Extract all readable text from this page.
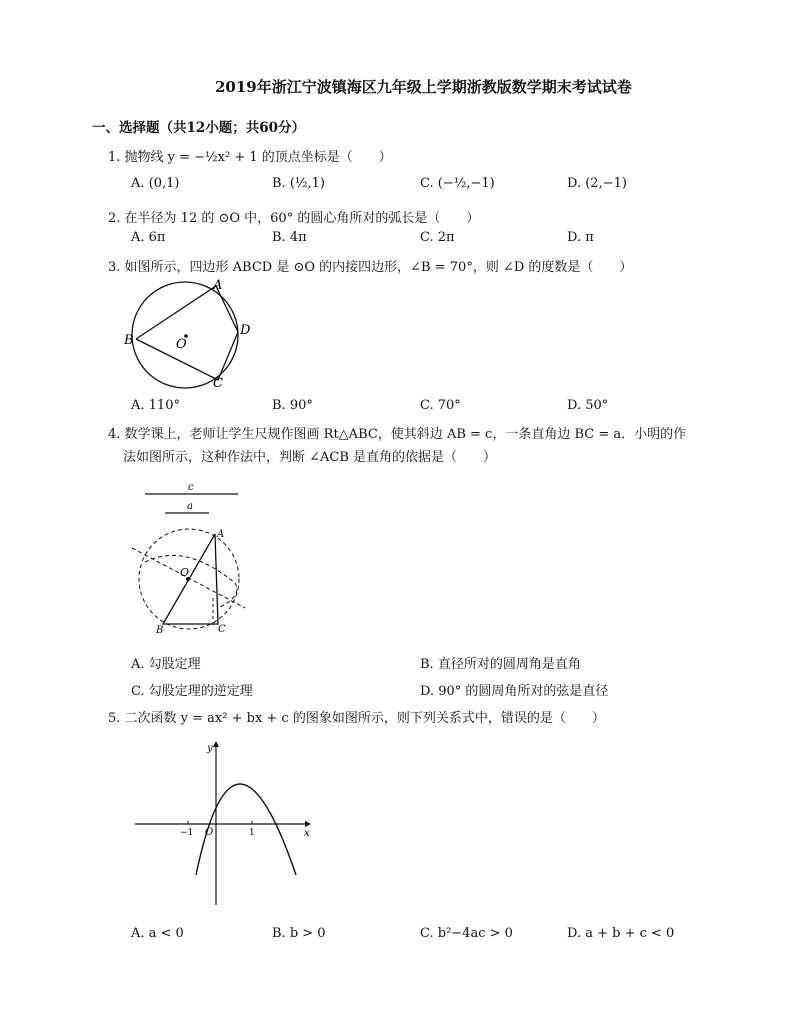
2019年浙江宁波镇海区九年级上学期浙教版数学期末考试试卷
一、选择题（共12小题；共60分）
1. 抛物线 y = −½x² + 1 的顶点坐标是（　　）
A. (0,1)	B. (½,1)	C. (−½,−1)	D. (2,−1)
2. 在半径为 12 的 ⊙O 中，60° 的圆心角所对的弧长是（　　）
A. 6π	B. 4π	C. 2π	D. π
3. 如图所示，四边形 ABCD 是 ⊙O 的内接四边形，∠B = 70°，则 ∠D 的度数是（　　）
A
B
C
D
O
A. 110°	B. 90°	C. 70°	D. 50°
4. 数学课上，老师让学生尺规作图画 Rt△ABC，使其斜边 AB = c，一条直角边 BC = a．小明的作
法如图所示，这种作法中，判断 ∠ACB 是直角的依据是（　　）
c
a
A
O
B	C
A. 勾股定理	B. 直径所对的圆周角是直角
C. 勾股定理的逆定理	D. 90° 的圆周角所对的弦是直径
5. 二次函数 y = ax² + bx + c 的图象如图所示，则下列关系式中，错误的是（　　）
y
x
−1 O	1
A. a < 0	B. b > 0	C. b²−4ac > 0	D. a + b + c < 0
